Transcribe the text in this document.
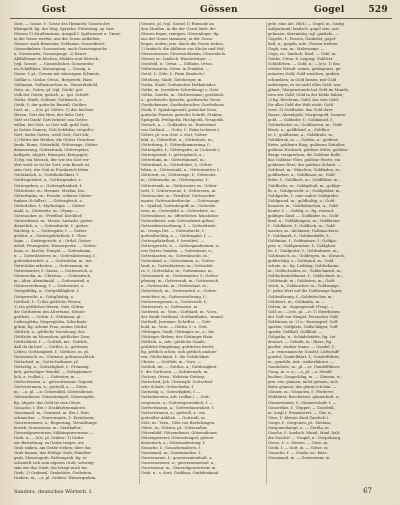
Gost	Gössen	Gogel	529
Gost, — Gosse, f.: Gosse des Himmels; Gossen des
Kleingeld; fig. der Weg, Sprache, Fütterung, sp. bzw.
Gössen 1) Straßenrinne, Ausguß f. Spülwasser u. Unrat:
in die Gosse werfen, aus der Gosse aufheben;
Gossen- auch Rinnstein, Schlamm; Gossenbrett,
Gossenkehrer, Gossenstein; auch Gossensprache
u. Gossenwitz; Gossenjunge. 2) ferner
Abflußrinne in Küchen, Mühlen und Wirtsch.;
(vgl. Gosse); — Gossenlöcher, Gossenrohr
im Schiffsbau, Wassergang. — Gossig, a.
Gosse, f. pl.; Gossen mit wässrigem Schmutz,
Goßlar u. Goslar, Ortsn., Bergwerk, Harz.
Goßmann, Goßmännchen m.: Wasserkobold;
Gote, m.; Goten, pl. (vgl. Gotik): got.
Volk der Goten; gotisch, a.: got. Schrift.
Gotha, Stadt; Gothaer, Gothaisch, a.
Gotik, f.: der gotische Baustil; Gotiker.
Gott, m.; —(e)s, pl. Götter: 1) das höchste
Wesen; Gott der Herr, der liebe Gott;
Gott sei Dank! Gott behüte! um Gottes
willen; bei Gott; so Gott will; grüß Gott;
in Gottes Namen; Gott befohlen; vergelt's
Gott; leider Gottes; weiß Gott; Gott lob;
2) Götter der Heiden: die Götter Griechen-
lands, Roms; Götterbild, Göttersage, Götter-
dämmerung, Göttertrank, Götterspeise;
halbgott, Abgott, Hausgott, Kriegsgott;
3) fig. ein Mensch, der wie ein Gott ver-
ehrt wird: er ist ihr Gott; sein Bauch ist
sein Gott; wie Gott in Frankreich leben.
Gottähnlich, a.; Gottähnlichkeit, f.
Gottbegeistert, a.; Gottbegnadet, a.
Gottergeben, a.; Gottergebenheit, f.
Götterbote, m.: Hermes, Merkur, Iris.
Götterfunke, m.: Freude, schöner Götter-
funken (Schiller). — Göttergleich, a.
Götterlehre, f.: Mythologie. — Götter-
mahl, n.; Göttersitz, m.: Olymp. —
Gottesacker, m.: Friedhof, Kirchhof;
Gottesdienst, m.: Messe, Andacht; gottes-
dienstlich, a. — Gottesfurcht, f.; gottes-
fürchtig, a. — Gottesgabe, f. — Gottes-
gelehrt, a.; Gottesgelehrtheit, f.: Theo-
logie. — Gottesgericht, n.: Ordal, Gottes-
urteil; Feuerprobe, Wasserprobe. — Gottes-
haus, n.: Kirche, Tempel. — Gotteslamm,
n. — Gotteslästerer, m.; Gotteslästerung, f.;
gotteslästerlich, a. — Gotteslohn, m.: um
Gotteslohn arbeiten. — Gottesmann, m.
Gottesmutter, f.: Maria. — Gottesreich, n.
Gottessohn, m.: Christus. — Gottestisch,
m.: Altar, Abendmahl. — Gottesurteil, n.
Gottesverehrung, f. — Gotteswort, n.
Gottgefällig, a.; Gottgefälligkeit, f.
Gottgeweiht, a.; Gottgläubig, a.
Gottheit, f.: 1) das göttliche Wesen;
2) ein göttliches Wesen, Gott, Göttin:
die Gottheiten des Altertums; Schutz-
gottheit. — Göttin, f.; Göttinnen, pl.:
Liebesgöttin, Siegesgöttin, Schicksals-
göttin; fig. schöne Frau; meine Göttin!
Göttlich, a.: göttliche Vorsehung; das
Göttliche im Menschen; göttlicher Zorn;
Göttlichkeit, f. — Gottlob, int.: Gottlob,
daß du da bist! — Gottlos, a.: gottloses
Leben; Gottlosigkeit, f.; Gottlose, m. pl.
Gottmensch, m.: Christus; gottmenschlich.
Gottsched, m.; Gottschedianer, pl.
Gottselig, a.; Gottseligkeit, f.: Frömmig-
keit, gottseliger Wandel. — Gottsjämmer-
lich, a. (volkst.). — Gottvater, m. —
Gottverlassen, a.: gottverlassene Gegend;
Gottvertrauen, n.; gottvoll, a. — Götze,
m.; —n, pl. —n: Götzenbild, Götzendienst,
Götzendiener, Götzentempel, Götzenopfer;
fig. Abgott: das Geld ist sein Götze.
Gouache, f. (frz.): Deckfarbenmalerei.
Gourmand, m.; Gourmet, m. (frz.): Fein-
schmecker. — Gouvernante, f.: Erzieherin;
Gouvernement, n.: Regierung, Verwaltungs-
bezirk; Gouverneur, m.: Statthalter;
Generalgouverneur, Militärgouverneur. —
Grab, n.; —(e)s, pl. Gräber: 1) Grube
zur Bestattung; zu Grabe tragen, ins
Grab sinken, am Grabe stehen; über das
Grab hinaus; das Heilige Grab; Familien-
grab, Massengrab, Reihengrab; fig. er
schaufelt sich sein eigenes Grab; schweig-
sam wie das Grab; das bringt mich ins
Grab; 2) Grabmal, Grabstätte, Grabstein.
Graben, m.; —s, pl. Gräben: Wassergraben,
Gössen, pl. (vgl. Gosse) 1) Rinnsale an
den Straßen, in die der Unrat läuft: die
Gössen fegen, reinigen; Gössenfeger; fig.
aus der Gosse stammen; in der Gosse
liegen, enden; jem. durch die Gosse ziehen.
2) landsch. die Abflüsse aus Küche und Hof;
Gössenwasser, Gössenschlamm, Gössenloch.
Gösser, m.: landsch. Wasserträger. —
Gossfeld, n.: Ortsn. — Gößnitz, Ortsn.
Gößweinstein, Ortsn. in Franken. —
Gotel, f.; Göte, f.: Patin (landsch.).
Göteborg, Stadt; Göteborger, m.
Gotha, Stadt; Gothaischer Hofkalender.
Gothe, m. (veraltete Schreibung) s. Gote.
Göthe, Goethe, m.: Dichtername; goethisch,
a.: goethische Sprache, goethesche Verse;
Goethekenner, Goetheforscher, Goethehaus.
Gotik, f.: Spitzbogenstil; gotischer Dom,
gotische Fenster, gotische Schrift, Fraktur;
Spätgotik, Frühgotik, Hochgotik, Neugotik.
Gotisch, a. — Gotländer, m.: Einwohner
von Gotland. — Gotte, f.: Patin (schweiz.).
Götter, pl. von Gott: s. dort; Götter-
bild, n.; Götterblut, n.; Götterbote, m.;
Götterburg, f.; Götterdämmerung, f.;
Göttergabe, f.; Göttergatte, m. (scherzh.);
Göttergestalt, f.; göttergleich, a.;
Götterhain, m.; Götterhimmel, m.;
Götterkind, n.; Götterlehre, f.; Götter-
leben, n.; Göttermahl, n.; Göttermutter, f.;
Götterrat, m.; Göttersage, f.; Göttersitz,
m.; Göttersohn, m.; Götterspeise, f.;
Göttertrank, m.; Göttervater, m.; Götter-
welt, f.; Götterwonne, f.; Götterzorn, m.
Gottesacker, m.: Friedhof; Gottesacker-
mauer, Gottesackerkirche. — Gottesauge,
n.: Symbol; Gottesbegriff, m.; Gottesbe-
weis, m.; Gottesbild, n.; Gottesbote, m.;
Gottesdienst, m.: öffentlicher, häuslicher
Gottesdienst; zum Gottesdienst gehen;
Gottesdienstordnung, f. — Gottesfriede,
m.: treuga Dei. — Gottesfurcht, f.;
gottesfürchtig, a. — Gottesgabe, f. —
Gottesgelahrtheit, f. (veraltet). —
Gottesgericht, n. — Gottesgnadentum, n.:
von Gottes Gnaden. — Gotteshaus, n.;
Gotteskasten, m.; Gottesknecht, m.;
Gotteskind, n.; Gotteslamm, n.; Gottes-
land, n.; Gotteslästerer, m.; Gottesleh-
re, f.; Gotteslohn, m.; Gottesmann, m.;
Gottesmord, m.; Gottesmutter, f.; Gottes-
pfennig, m.; Gottesraub, m.; Gottesreich,
n.; Gottessohn, m.; Gottesstaat, m.;
Gottestisch, m.; Gottesurteil, n.; Gottes-
verächter, m.; Gottesverehrung, f.;
Gottesvergessen, a.; Gotteswelt, f.;
Gotteswort, n.; Gotteszorn, m.
Gottfried, m.: Vorn.; Gotthard, m.: Vorn.;
der Sankt Gotthard, Gotthardbahn, -tunnel.
Gotthelf, Jeremias: Schriftst. — Gott-
hold, m.: Vorn. — Göttin, f.: s. Gott.
Göttingen, Stadt; Göttinger, m., a.: die
Göttinger Sieben; der Göttinger Hain.
Göttlich, a.; adv.: göttliche Gnade,
göttliche Eingebung; göttliches Recht;
fig. göttlich schön; sich göttlich amüsie-
ren; Göttlichkeit, f.: die Göttlichkeit
Christi. — Gottlieb, m.: Vorn. —
Gottlob, int. — Gottlos, a.; Gottlosigkeit,
f.: die Gottlosen. — Gottmensch, m.
Gottorp, Ortsn.; Holstein-Gottorp.
Gottsched, Joh. Christoph: Gottsched-
sche Schule; Gottschedin, f.
Gottselig, a.; Gottseligkeit, f. —
Gottsöbersten, adv. (volkst.) — Gott-
vergessen, a.; Gottvergessenheit, f. —
Gottverlassen, a.; Gottverlassenheit, f.
Gottvertrauen, n.; gottvoll, a.: ein
gottvoller Anblick. — Gottwalt, m.
Götz, m.: Vorn.; Götz von Berlichingen.
Götze, m.; Götzen, pl.: Götzenaltar,
Götzenbild, Götzendienst, Götzendiener,
Götzenpriester, Götzentempel; götzen-
dienerisch, a.; Götzenanbetung, f.
Gouache, f.; Gouachemalerei, f.
Gourmand, m.; Gourmandise, f.
Gouvernante, f.; gouvernantenhaft, a.
Gouvernement, n.; gouvernemental, a.;
Gouverneur, m.; Generalgouverneur, m.
Grab, n.: s. dort; Grabbau, Grabdenkmal.
gele, eine Art. (Rel.) — Gogel, m.: lustig
Aufgeräumt; landsch. gogel sein, aus-
gelassen, übermütig; vgl. gaukeln. —
Gogelei, f.: Possen, Gaukelei; gogel-
haft, a.; gogeln, intr.: Possen treiben.
Gogh, van, m.: Malername. —
Gogo, m.: landsch. Kind. — Gohl, m.
Gohlis, Ortsn. b. Leipzig; Gohliser
Schlößchen. — Gold, n.; —(e)s: 1) das
edelste Metall: reines, gediegenes, ge-
münztes Gold; Gold waschen, graben,
schmelzen; in Gold fassen; mit Gold
aufwiegen; es ist nicht alles Gold, was
glänzt; Morgenstunde hat Gold im Munde;
treu wie Gold; Gold in der Kehle haben;
2) fig. Reichtum, Geld: das rote Gold,
für alles Gold der Welt nicht; Gold
wert; 3) Goldfarbe: das Gold ihrer
Haare; Abendgold, Morgengold, Sonnen-
gold. — Goldader, f.; Goldamsel, f.;
Goldarbeiter, m.; Goldbarren, m.; Gold-
blech, n.; goldblond, a.; Goldbor-
te, f.; goldbraun, a.; Golddraht, m.;
Golddruck, m. — Golden, a.: goldene
Kette, goldener Ring, goldenes Zeitalter,
goldene Hochzeit, goldene Mitte; goldene
Berge versprechen; die Goldene Bulle;
das Goldene Vlies; goldene Worte; ein
goldenes Herz; der goldene Schnitt. —
Goldesel, m.: Märchen; Goldfaden, m.;
goldfarben, a.; Goldfasan, m.; Gold-
feder, f.; Goldfisch, m.; Goldflitter, m.;
Goldfuchs, m.; Goldgehalt, m.; goldge-
lb, a.; Goldgewicht, n.; Goldgräber, m.;
Goldgrube, f.: eine wahre Goldgrube;
Goldgrund, m.; goldhaltig, a.; Gold-
hamster, m.; Goldhähnchen, n.; Gold-
haube, f. — Goldig, a.: fig. reizend;
goldiges Kind. — Goldkäfer, m.; Gold-
kind, n.; Goldklumpen, m.; Goldkrone,
f.; Goldküste, f.; Goldlack, m.; Gold-
macher, m.: Alchimist; Goldmacherei,
f.; Goldmark, f.; Goldmedaille, f.;
Goldmine, f.; Goldmünze, f.; Goldpa-
pier, n.; Goldparmäne, f.; Goldplom-
be, f.; Goldprobe, f.; Goldrahmen, m.;
Goldrausch, m.; Goldregen, m.: Strauch;
goldrichtig, a.; Goldsand, m.; Gold-
schatz, m.: fig. Liebling; Goldschaum,
m.; Goldscheider, m.; Goldschmied, m.;
Goldschmiedekunst, f.; Goldschnitt, m.;
Goldstaub, m.; Goldstern, m.; Gold-
stück, n.; Goldsucher, m.; Goldwaage,
f.: jedes Wort auf die Goldwaage legen;
Goldwährung, f.; Goldwäscher, m.;
Goldwert, m.; Goldzahn, m. —
Golem, m.: Sagengestalt (Prag). —
Golf, m.; —(e)s, pl. —e: 1) Meerbusen:
der Golf von Neapel, Persischer Golf;
Golfstrom, m. 2) n.: Rasenspiel; Golf
spielen; Golfplatz, Golfschläger, Golf-
spieler, Golfball, Golfklub. —
Golgatha, n.: Schädelstätte; fig. Lei-
densort. — Goliath, m.: Riese; fig.
großer, starker Mann. — Gondel, f.;
—n: venezianische Gondel; Luftschiff-
gondel; Gondelfahrt, f.; Gondelführer,
m.; gondeln, intr.: umherfahren. —
Gondoliere, m.; pl. —ri: Gondelführer.
Gong, m. u. n.; —s, pl. —s: Metall-
becken; Gongschlag, m. — Gönnen, tr.:
jem. etw. gönnen, nicht gönnen; sich
Ruhe gönnen; das gönne ich ihm. —
Gönner, m.; Gönnerin, f.: Förderer,
Wohltäter, Beschützer; gönnerhaft, a.;
Gönnermiene, f.; Gönnerschaft, f. —
Gonorrhöe, f.: Tripper. — Goodwill,
m. (engl.): Firmenwert. — Gör, n.;
Göre, f.: kleines Kind (landsch.).
Gorgo, f.; Gorgonen, pl.: Medusa;
Gorgonenhaupt, n. — Gorilla, m.
Gosche, f.: landsch. Mund, Maul: halt
die Gosche! — Gospel, n.: Gospelsong.
Gosse, f.: s. Gössen. — Gote, m.
Gotik, f. — Gott, m. — Götze, m.
Gouache, f. — Gouda, m.: Käse.
Gourmand, m. — Gouverneur, m.
Sanders, deutsches Wörterb. I.	67
